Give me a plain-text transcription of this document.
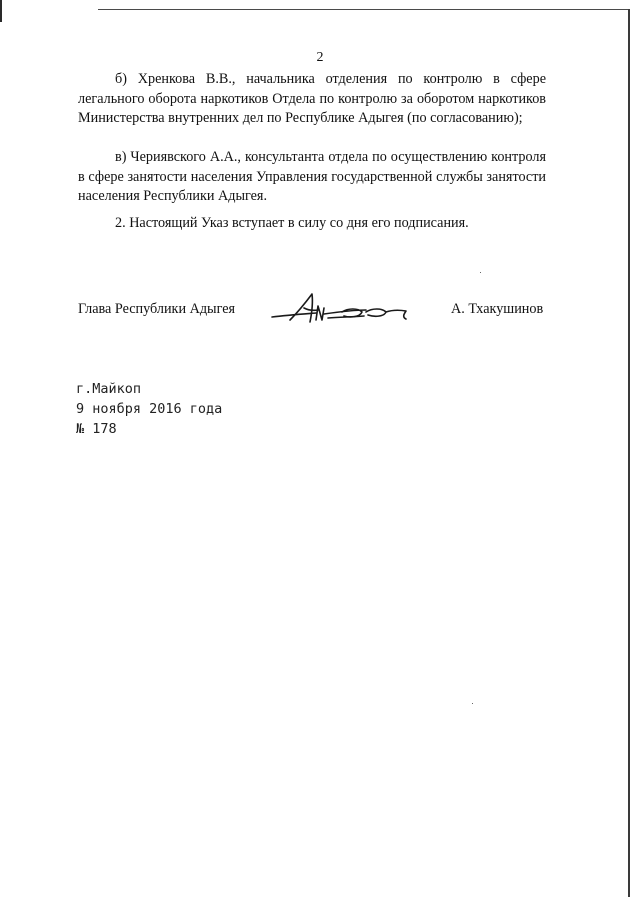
2

б) Хренкова В.В., начальника отделения по контролю в сфере легального оборота наркотиков Отдела по контролю за оборотом наркотиков Министерства внутренних дел по Республике Адыгея (по согласованию);

в) Чериявского А.А., консультанта отдела по осуществлению контроля в сфере занятости населения Управления государственной службы занятости населения Республики Адыгея.

2. Настоящий Указ вступает в силу со дня его подписания.

Глава Республики Адыгея	А. Тхакушинов
г.Майкоп
9 ноября 2016 года
№ 178
